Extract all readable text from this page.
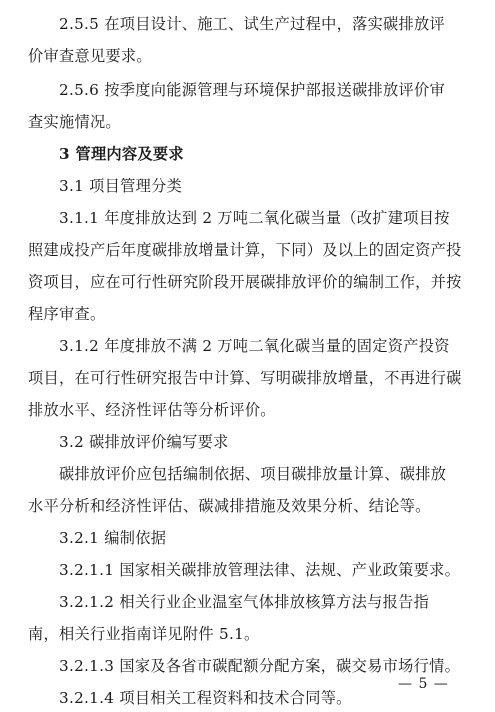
2.5.5 在项目设计、施工、试生产过程中，落实碳排放评
价审查意见要求。
2.5.6 按季度向能源管理与环境保护部报送碳排放评价审
查实施情况。
3 管理内容及要求
3.1 项目管理分类
3.1.1 年度排放达到 2 万吨二氧化碳当量（改扩建项目按
照建成投产后年度碳排放增量计算，下同）及以上的固定资产投
资项目，应在可行性研究阶段开展碳排放评价的编制工作，并按
程序审查。
3.1.2 年度排放不满 2 万吨二氧化碳当量的固定资产投资
项目，在可行性研究报告中计算、写明碳排放增量，不再进行碳
排放水平、经济性评估等分析评价。
3.2 碳排放评价编写要求
碳排放评价应包括编制依据、项目碳排放量计算、碳排放
水平分析和经济性评估、碳减排措施及效果分析、结论等。
3.2.1 编制依据
3.2.1.1 国家相关碳排放管理法律、法规、产业政策要求。
3.2.1.2 相关行业企业温室气体排放核算方法与报告指
南，相关行业指南详见附件 5.1。
3.2.1.3 国家及各省市碳配额分配方案，碳交易市场行情。
3.2.1.4 项目相关工程资料和技术合同等。
— 5 —
